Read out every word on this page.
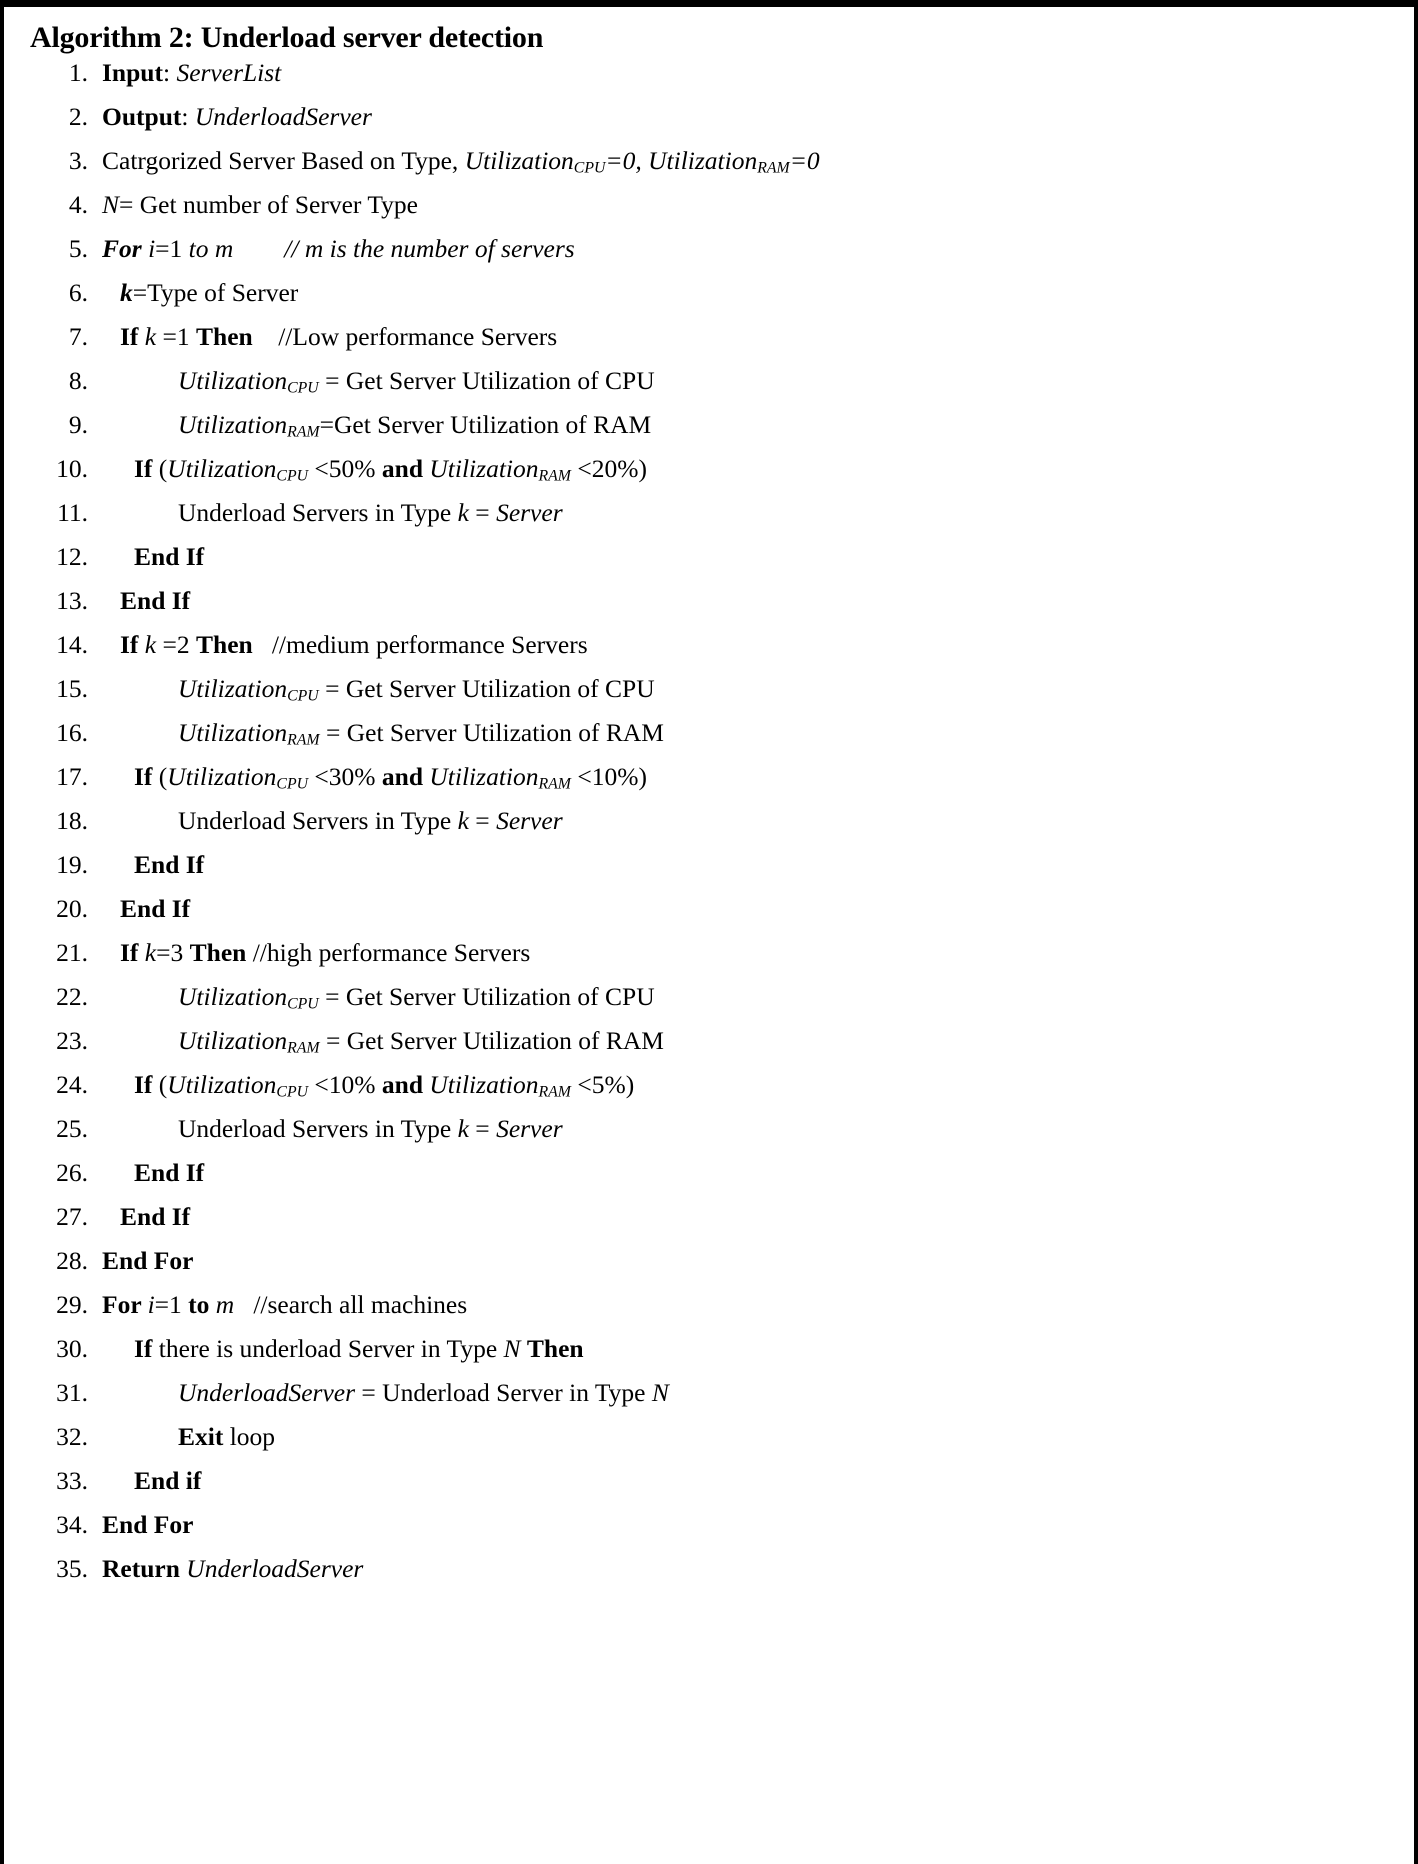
Algorithm 2: Underload server detection
1. Input: ServerList
2. Output: UnderloadServer
3. Catrgorized Server Based on Type, Utilization$_{CPU}$=0, Utilization$_{RAM}$=0
4. N= Get number of Server Type
5. For i=1 to m // m is the number of servers
6.	k=Type of Server
7.	If k =1 Then    //Low performance Servers
8.	Utilization$_{CPU}$ = Get Server Utilization of CPU
9.	Utilization$_{RAM}$=Get Server Utilization of RAM
10.	If (Utilization$_{CPU}$ <50% and Utilization$_{RAM}$ <20%)
11.	Underload Servers in Type k = Server
12.	End If
13.	End If
14.	If k =2 Then   //medium performance Servers
15.	Utilization$_{CPU}$ = Get Server Utilization of CPU
16.	Utilization$_{RAM}$ = Get Server Utilization of RAM
17.	If (Utilization$_{CPU}$ <30% and Utilization$_{RAM}$ <10%)
18.	Underload Servers in Type k = Server
19.	End If
20.	End If
21.	If k=3 Then //high performance Servers
22.	Utilization$_{CPU}$ = Get Server Utilization of CPU
23.	Utilization$_{RAM}$ = Get Server Utilization of RAM
24.	If (Utilization$_{CPU}$ <10% and Utilization$_{RAM}$ <5%)
25.	Underload Servers in Type k = Server
26.	End If
27.	End If
28. End For
29. For i=1 to m   //search all machines
30.	If there is underload Server in Type N Then
31.	UnderloadServer = Underload Server in Type N
32.	Exit loop
33.	End if
34. End For
35. Return UnderloadServer
